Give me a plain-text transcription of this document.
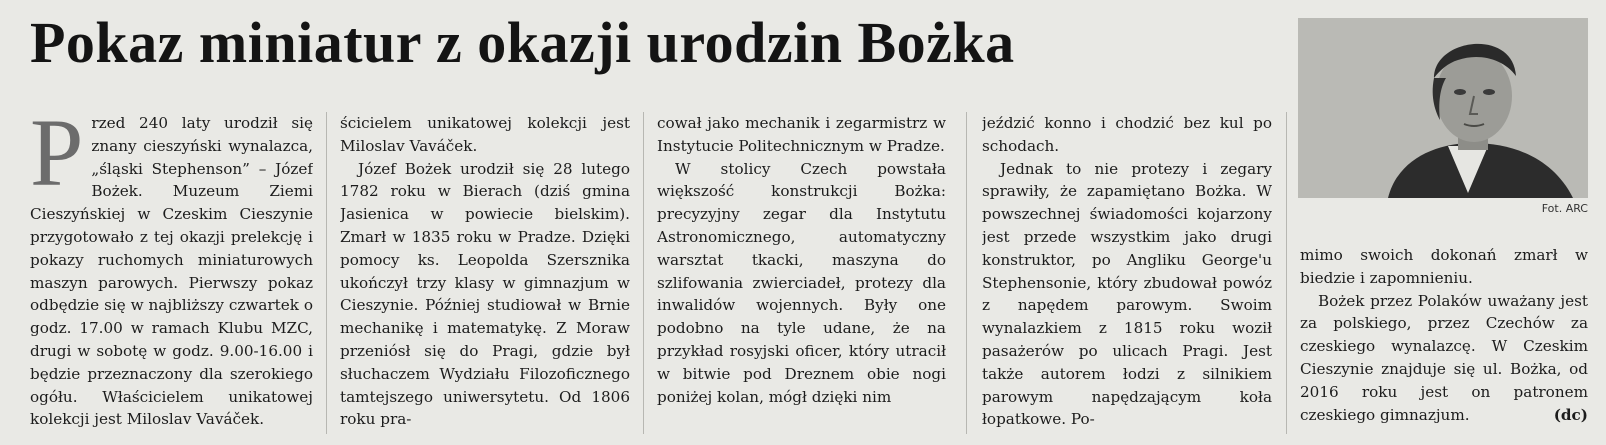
Pokaz miniatur z okazji urodzin Bożka
Fot. ARC
P rzed 240 laty urodził się znany cieszyński wynalazca, „śląski Stephenson” – Józef Bożek. Muzeum Ziemi Cieszyńskiej w Czeskim Cieszynie przygotowało z tej okazji prelekcję i pokazy ruchomych miniaturowych maszyn parowych. Pierwszy pokaz odbędzie się w najbliższy czwartek o godz. 17.00 w ramach Klubu MZC, drugi w sobotę w godz. 9.00-16.00 i będzie przeznaczony dla szerokiego ogółu. Właścicielem unikatowej kolekcji jest Miloslav Vaváček.

ścicielem unikatowej kolekcji jest Miloslav Vaváček.

Józef Bożek urodził się 28 lutego 1782 roku w Bierach (dziś gmina Jasienica w powiecie bielskim). Zmarł w 1835 roku w Pradze. Dzięki pomocy ks. Leopolda Szersznika ukończył trzy klasy w gimnazjum w Cieszynie. Później studiował w Brnie mechanikę i matematykę. Z Moraw przeniósł się do Pragi, gdzie był słuchaczem Wydziału Filozoficznego tamtejszego uniwersytetu. Od 1806 roku pra-

cował jako mechanik i zegarmistrz w Instytucie Politechnicznym w Pradze.

W stolicy Czech powstała większość konstrukcji Bożka: precyzyjny zegar dla Instytutu Astronomicznego, automatyczny warsztat tkacki, maszyna do szlifowania zwierciadeł, protezy dla inwalidów wojennych. Były one podobno na tyle udane, że na przykład rosyjski oficer, który utracił w bitwie pod Dreznem obie nogi poniżej kolan, mógł dzięki nim

jeździć konno i chodzić bez kul po schodach.

Jednak to nie protezy i zegary sprawiły, że zapamiętano Bożka. W powszechnej świadomości kojarzony jest przede wszystkim jako drugi konstruktor, po Angliku George'u Stephensonie, który zbudował powóz z napędem parowym. Swoim wynalazkiem z 1815 roku woził pasażerów po ulicach Pragi. Jest także autorem łodzi z silnikiem parowym napędzającym koła łopatkowe. Po-

mimo swoich dokonań zmarł w biedzie i zapomnieniu.

Bożek przez Polaków uważany jest za polskiego, przez Czechów za czeskiego wynalazcę. W Czeskim Cieszynie znajduje się ul. Bożka, od 2016 roku jest on patronem czeskiego gimnazjum.	(dc)
